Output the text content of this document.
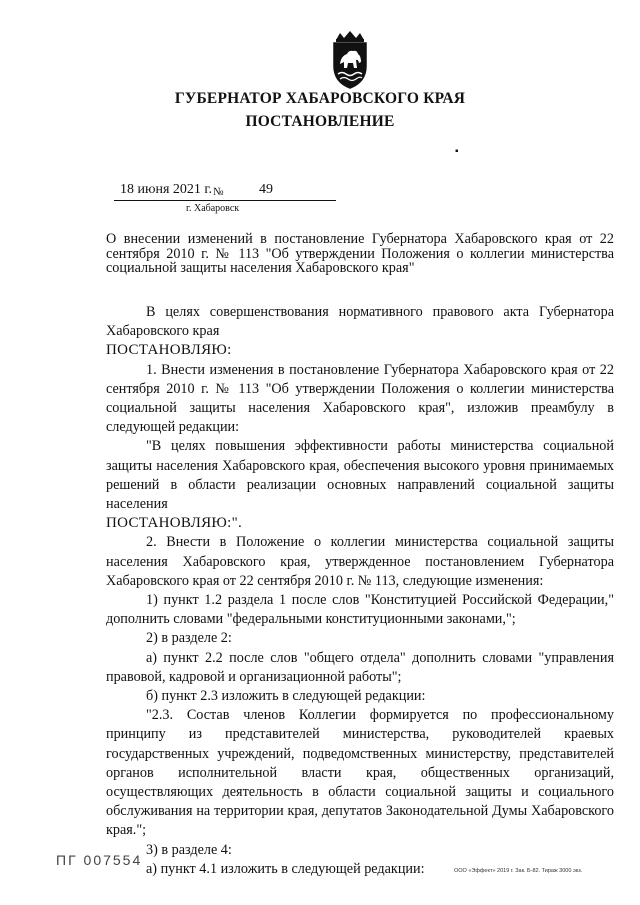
ГУБЕРНАТОР ХАБАРОВСКОГО КРАЯ
ПОСТАНОВЛЕНИЕ
▪
18 июня 2021 г. №	49
г. Хабаровск
О внесении изменений в постановление Губернатора Хабаровского края от 22 сентября 2010 г. № 113 "Об утверждении Положения о коллегии министерства социальной защиты населения Хабаровского края"

В целях совершенствования нормативного правового акта Губернатора Хабаровского края

ПОСТАНОВЛЯЮ:

1. Внести изменения в постановление Губернатора Хабаровского края от 22 сентября 2010 г. № 113 "Об утверждении Положения о коллегии министерства социальной защиты населения Хабаровского края", изложив преамбулу в следующей редакции:

"В целях повышения эффективности работы министерства социальной защиты населения Хабаровского края, обеспечения высокого уровня принимаемых решений в области реализации основных направлений социальной защиты населения

ПОСТАНОВЛЯЮ:".

2. Внести в Положение о коллегии министерства социальной защиты населения Хабаровского края, утвержденное постановлением Губернатора Хабаровского края от 22 сентября 2010 г. № 113, следующие изменения:

1) пункт 1.2 раздела 1 после слов "Конституцией Российской Федерации," дополнить словами "федеральными конституционными законами,";

2) в разделе 2:

а) пункт 2.2 после слов "общего отдела" дополнить словами "управления правовой, кадровой и организационной работы";

б) пункт 2.3 изложить в следующей редакции:

"2.3. Состав членов Коллегии формируется по профессиональному принципу из представителей министерства, руководителей краевых государственных учреждений, подведомственных министерству, представителей органов исполнительной власти края, общественных организаций, осуществляющих деятельность в области социальной защиты и социального обслуживания на территории края, депутатов Законодательной Думы Хабаровского края.";

3) в разделе 4:

а) пункт 4.1 изложить в следующей редакции:

ПГ 007554
ООО «Эффект» 2019 г. Зак. Б-82. Тираж 3000 экз.
